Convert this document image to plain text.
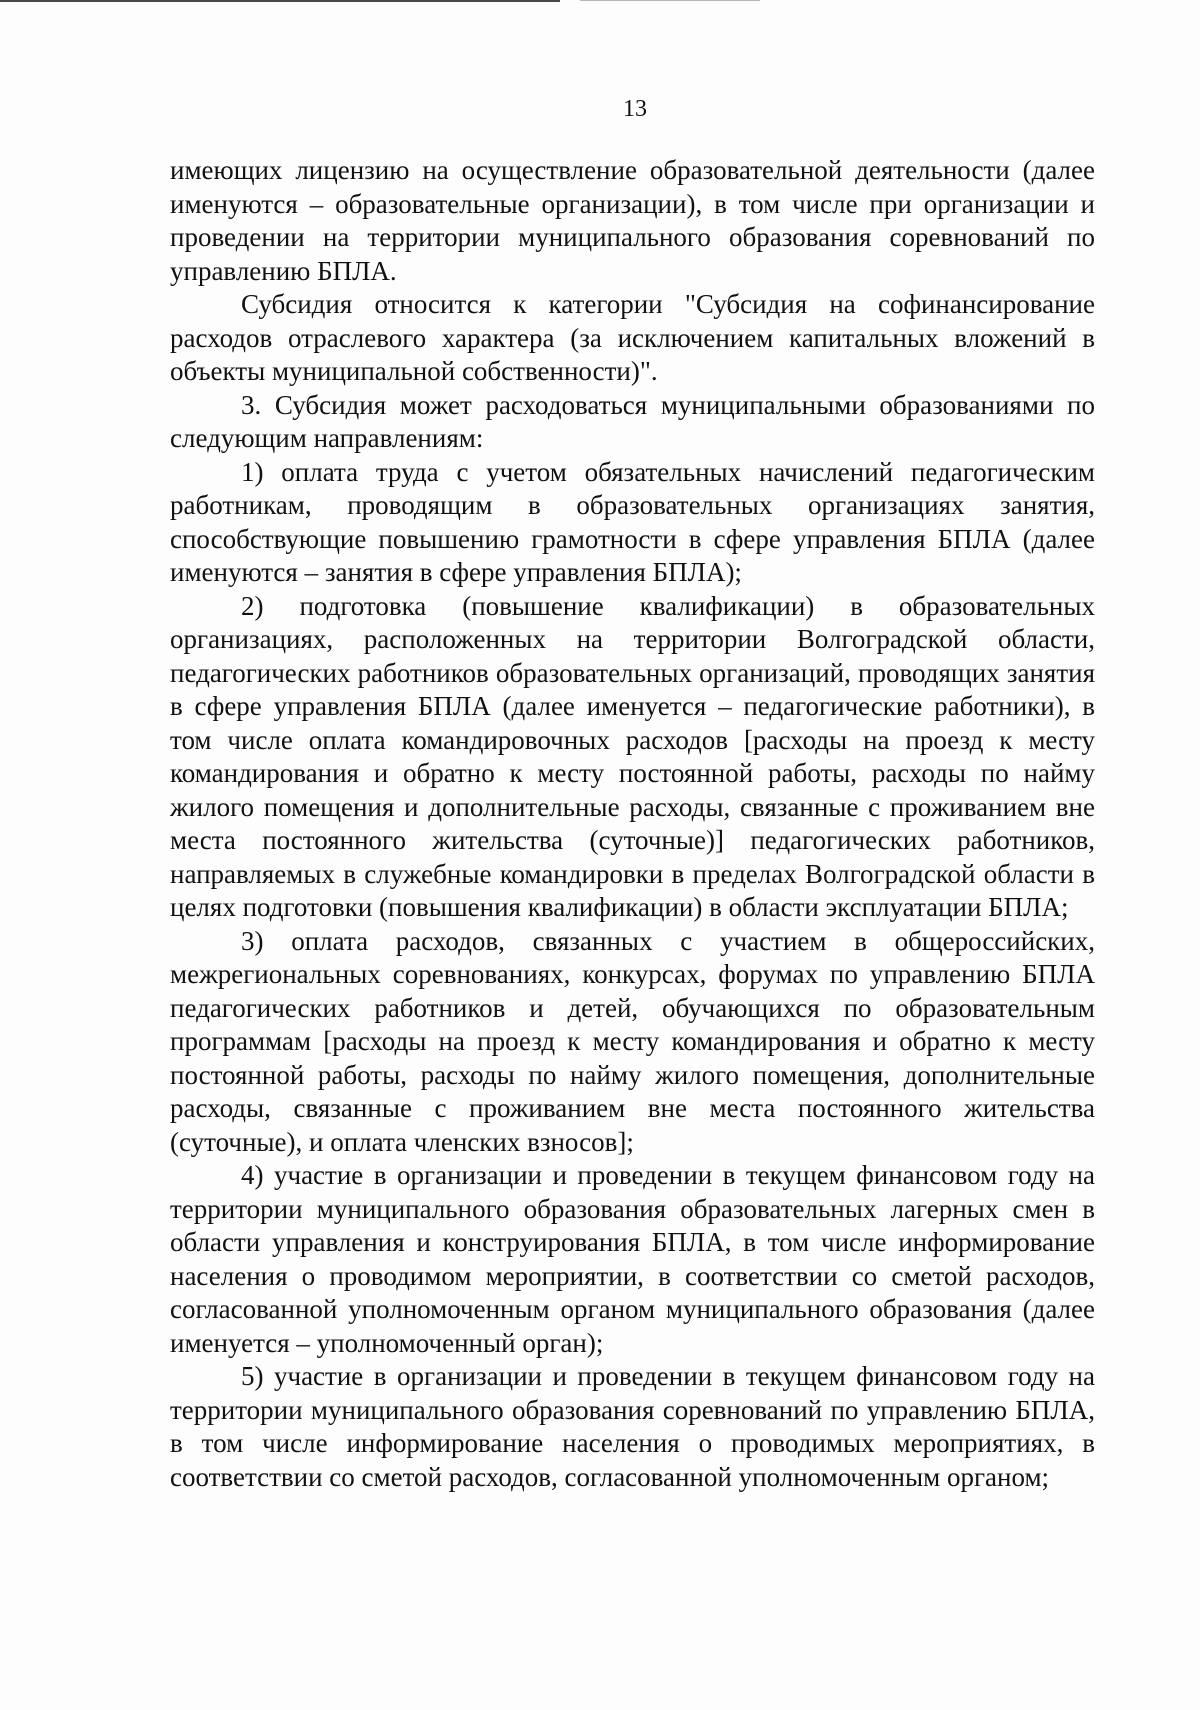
13

имеющих лицензию на осуществление образовательной деятельности (далее именуются – образовательные организации), в том числе при организации и проведении на территории муниципального образования соревнований по управлению БПЛА.

Субсидия относится к категории "Субсидия на софинансирование расходов отраслевого характера (за исключением капитальных вложений в объекты муниципальной собственности)".

3. Субсидия может расходоваться муниципальными образованиями по следующим направлениям:

1) оплата труда с учетом обязательных начислений педагогическим работникам, проводящим в образовательных организациях занятия, способствующие повышению грамотности в сфере управления БПЛА (далее именуются – занятия в сфере управления БПЛА);

2) подготовка (повышение квалификации) в образовательных организациях, расположенных на территории Волгоградской области, педагогических работников образовательных организаций, проводящих занятия в сфере управления БПЛА (далее именуется – педагогические работники), в том числе оплата командировочных расходов [расходы на проезд к месту командирования и обратно к месту постоянной работы, расходы по найму жилого помещения и дополнительные расходы, связанные с проживанием вне места постоянного жительства (суточные)] педагогических работников, направляемых в служебные командировки в пределах Волгоградской области в целях подготовки (повышения квалификации) в области эксплуатации БПЛА;

3) оплата расходов, связанных с участием в общероссийских, межрегиональных соревнованиях, конкурсах, форумах по управлению БПЛА педагогических работников и детей, обучающихся по образовательным программам [расходы на проезд к месту командирования и обратно к месту постоянной работы, расходы по найму жилого помещения, дополнительные расходы, связанные с проживанием вне места постоянного жительства (суточные), и оплата членских взносов];

4) участие в организации и проведении в текущем финансовом году на территории муниципального образования образовательных лагерных смен в области управления и конструирования БПЛА, в том числе информирование населения о проводимом мероприятии, в соответствии со сметой расходов, согласованной уполномоченным органом муниципального образования (далее именуется – уполномоченный орган);

5) участие в организации и проведении в текущем финансовом году на территории муниципального образования соревнований по управлению БПЛА, в том числе информирование населения о проводимых мероприятиях, в соответствии со сметой расходов, согласованной уполномоченным органом;
